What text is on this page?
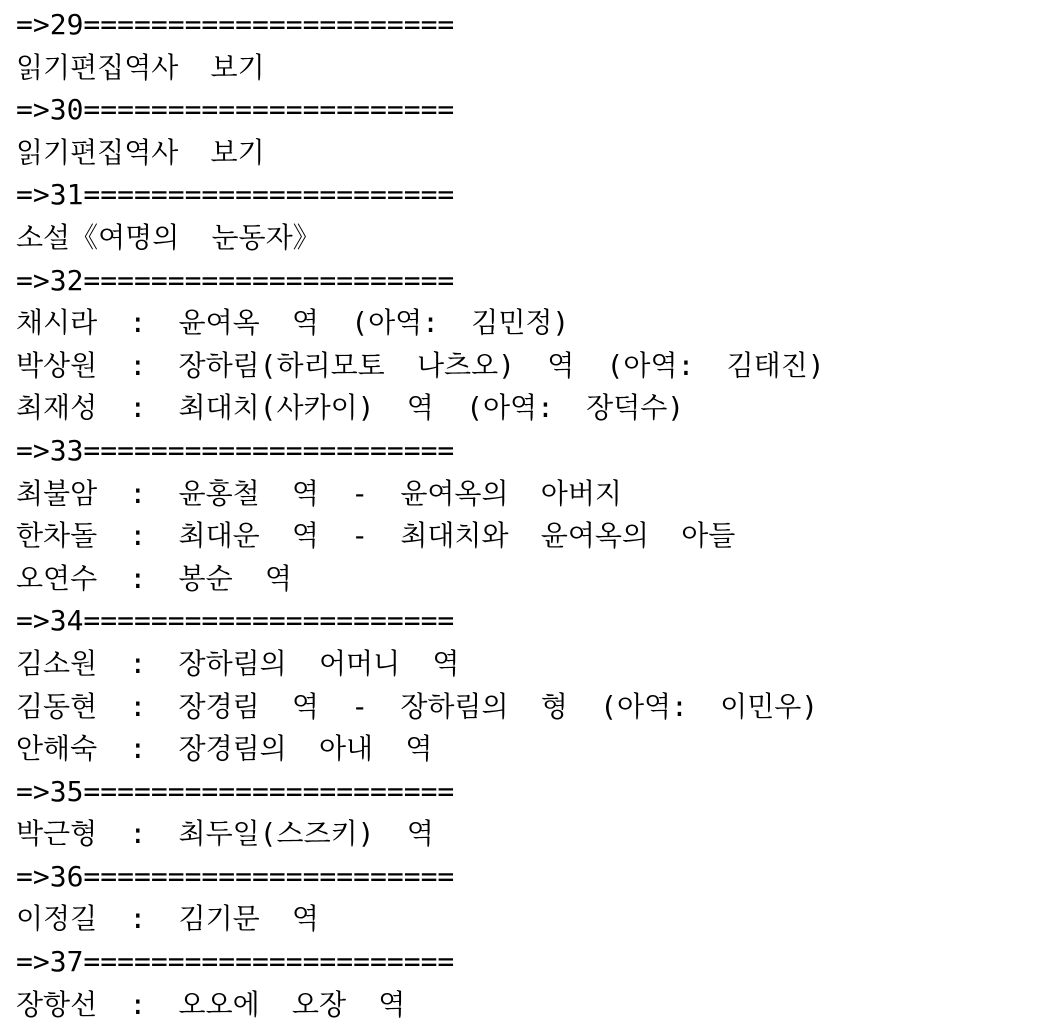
=>29======================
읽기편집역사 보기
=>30======================
읽기편집역사 보기
=>31======================
소설《여명의 눈동자》
=>32======================
채시라 : 윤여옥 역 (아역: 김민정)
박상원 : 장하림(하리모토 나츠오) 역 (아역: 김태진)
최재성 : 최대치(사카이) 역 (아역: 장덕수)
=>33======================
최불암 : 윤홍철 역 - 윤여옥의 아버지
한차돌 : 최대운 역 - 최대치와 윤여옥의 아들
오연수 : 봉순 역
=>34======================
김소원 : 장하림의 어머니 역
김동현 : 장경림 역 - 장하림의 형 (아역: 이민우)
안해숙 : 장경림의 아내 역
=>35======================
박근형 : 최두일(스즈키) 역
=>36======================
이정길 : 김기문 역
=>37======================
장항선 : 오오에 오장 역
